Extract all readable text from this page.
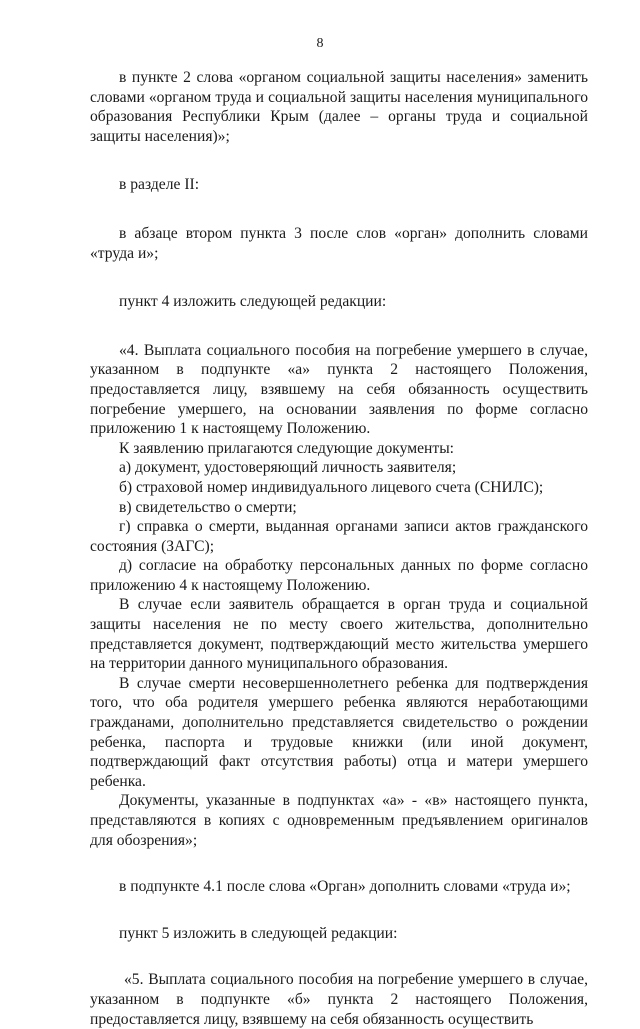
8

в пункте 2 слова «органом социальной защиты населения» заменить словами «органом труда и социальной защиты населения муниципального образования Республики Крым (далее – органы труда и социальной защиты населения)»;

в разделе II:

в абзаце втором пункта 3 после слов «орган» дополнить словами «труда и»;

пункт 4 изложить следующей редакции:

«4. Выплата социального пособия на погребение умершего в случае, указанном в подпункте «а» пункта 2 настоящего Положения, предоставляется лицу, взявшему на себя обязанность осуществить погребение умершего, на основании заявления по форме согласно приложению 1 к настоящему Положению.

К заявлению прилагаются следующие документы:

а) документ, удостоверяющий личность заявителя;

б) страховой номер индивидуального лицевого счета (СНИЛС);

в) свидетельство о смерти;

г) справка о смерти, выданная органами записи актов гражданского состояния (ЗАГС);

д) согласие на обработку персональных данных по форме согласно приложению 4 к настоящему Положению.

В случае если заявитель обращается в орган труда и социальной защиты населения не по месту своего жительства, дополнительно представляется документ, подтверждающий место жительства умершего на территории данного муниципального образования.

В случае смерти несовершеннолетнего ребенка для подтверждения того, что оба родителя умершего ребенка являются неработающими гражданами, дополнительно представляется свидетельство о рождении ребенка, паспорта и трудовые книжки (или иной документ, подтверждающий факт отсутствия работы) отца и матери умершего ребенка.

Документы, указанные в подпунктах «а» - «в» настоящего пункта, представляются в копиях с одновременным предъявлением оригиналов для обозрения»;

в подпункте 4.1 после слова «Орган» дополнить словами «труда и»;

пункт 5 изложить в следующей редакции:

«5. Выплата социального пособия на погребение умершего в случае, указанном в подпункте «б» пункта 2 настоящего Положения, предоставляется лицу, взявшему на себя обязанность осуществить
